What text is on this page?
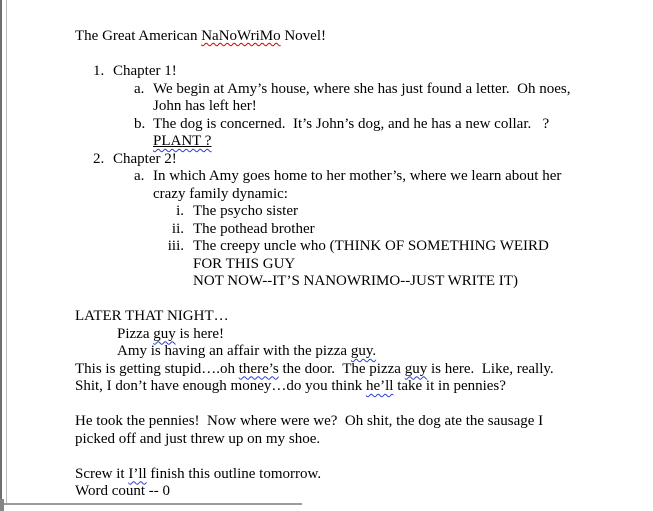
The Great American NaNoWriMo Novel!
1. Chapter 1!
a. We begin at Amy’s house, where she has just found a letter.  Oh noes,
John has left her!
b. The dog is concerned.  It’s John’s dog, and he has a new collar.   ?
PLANT ?
2. Chapter 2!
a. In which Amy goes home to her mother’s, where we learn about her
crazy family dynamic:
i. The psycho sister
ii. The pothead brother
iii. The creepy uncle who (THINK OF SOMETHING WEIRD
FOR THIS GUY
NOT NOW--IT’S NANOWRIMO--JUST WRITE IT)
LATER THAT NIGHT…
Pizza guy is here!
Amy is having an affair with the pizza guy.
This is getting stupid….oh there’s the door.  The pizza guy is here.  Like, really.
Shit, I don’t have enough money…do you think he’ll take it in pennies?
He took the pennies!  Now where were we?  Oh shit, the dog ate the sausage I
picked off and just threw up on my shoe.
Screw it I’ll finish this outline tomorrow.
Word count -- 0
